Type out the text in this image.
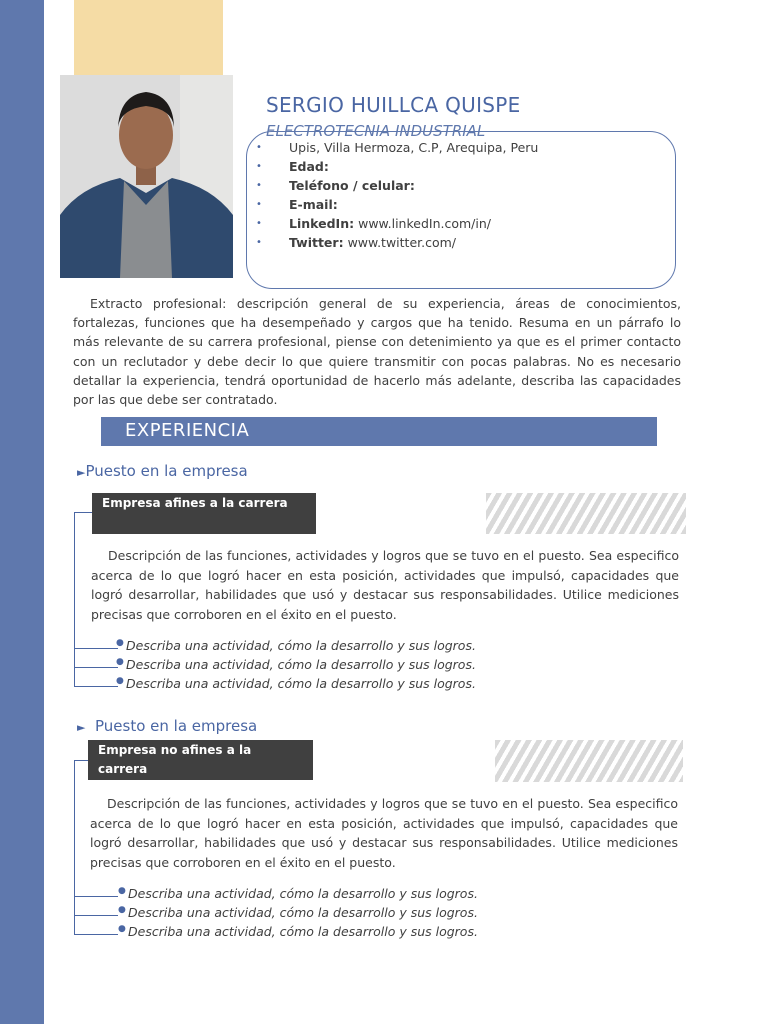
SERGIO HUILLCA QUISPE
ELECTROTECNIA INDUSTRIAL
• Upis, Villa Hermoza, C.P, Arequipa, Peru
• Edad:
• Teléfono / celular:
• E-mail:
• LinkedIn: www.linkedIn.com/in/
• Twitter: www.twitter.com/

Extracto profesional: descripción general de su experiencia, áreas de conocimientos, fortalezas, funciones que ha desempeñado y cargos que ha tenido. Resuma en un párrafo lo más relevante de su carrera profesional, piense con detenimiento ya que es el primer contacto con un reclutador y debe decir lo que quiere transmitir con pocas palabras. No es necesario detallar la experiencia, tendrá oportunidad de hacerlo más adelante, describa las capacidades por las que debe ser contratado.

EXPERIENCIA
►Puesto en la empresa
Empresa afines a la carrera

Descripción de las funciones, actividades y logros que se tuvo en el puesto. Sea especifico acerca de lo que logró hacer en esta posición, actividades que impulsó, capacidades que logró desarrollar, habilidades que usó y destacar sus responsabilidades. Utilice mediciones precisas que corroboren en el éxito en el puesto.

● Describa una actividad, cómo la desarrollo y sus logros.
● Describa una actividad, cómo la desarrollo y sus logros.
● Describa una actividad, cómo la desarrollo y sus logros.
► Puesto en la empresa
Empresa no afines a la carrera

Descripción de las funciones, actividades y logros que se tuvo en el puesto. Sea especifico acerca de lo que logró hacer en esta posición, actividades que impulsó, capacidades que logró desarrollar, habilidades que usó y destacar sus responsabilidades. Utilice mediciones precisas que corroboren en el éxito en el puesto.

● Describa una actividad, cómo la desarrollo y sus logros.
● Describa una actividad, cómo la desarrollo y sus logros.
● Describa una actividad, cómo la desarrollo y sus logros.
